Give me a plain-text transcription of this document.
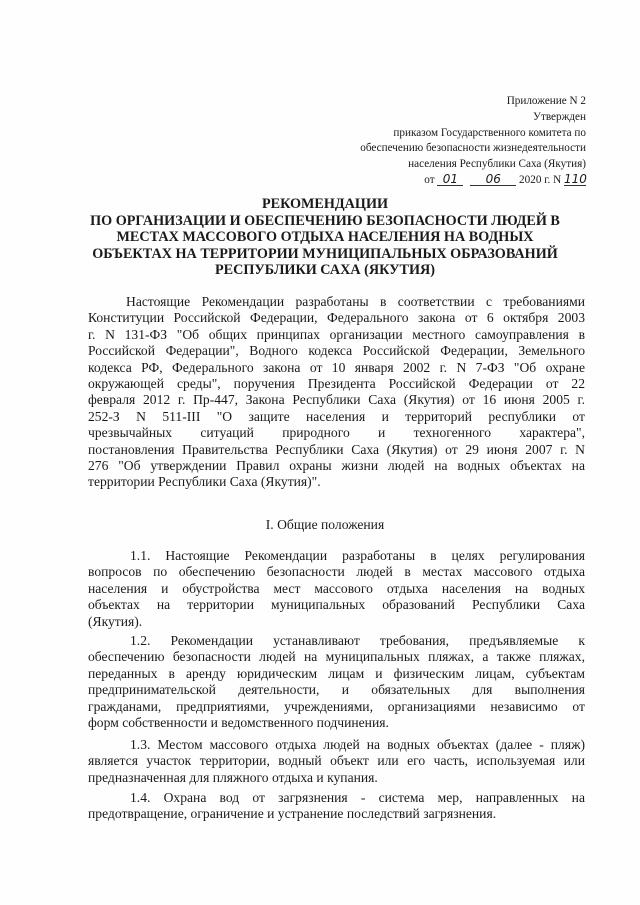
Приложение N 2
Утвержден
приказом Государственного комитета по
обеспечению безопасности жизнедеятельности
населения Республики Саха (Якутия)
от 01 06 2020 г. N 110
РЕКОМЕНДАЦИИ
ПО ОРГАНИЗАЦИИ И ОБЕСПЕЧЕНИЮ БЕЗОПАСНОСТИ ЛЮДЕЙ В
МЕСТАХ МАССОВОГО ОТДЫХА НАСЕЛЕНИЯ НА ВОДНЫХ
ОБЪЕКТАХ НА ТЕРРИТОРИИ МУНИЦИПАЛЬНЫХ ОБРАЗОВАНИЙ
РЕСПУБЛИКИ САХА (ЯКУТИЯ)
Настоящие Рекомендации разработаны в соответствии с требованиями
Конституции Российской Федерации, Федерального закона от 6 октября 2003
г. N 131-ФЗ "Об общих принципах организации местного самоуправления в
Российской Федерации", Водного кодекса Российской Федерации, Земельного
кодекса РФ, Федерального закона от 10 января 2002 г. N 7-ФЗ "Об охране
окружающей среды", поручения Президента Российской Федерации от 22
февраля 2012 г. Пр-447, Закона Республики Саха (Якутия) от 16 июня 2005 г.
252-З N 511-III "О защите населения и территорий республики от
чрезвычайных ситуаций природного и техногенного характера",
постановления Правительства Республики Саха (Якутия) от 29 июня 2007 г. N
276 "Об утверждении Правил охраны жизни людей на водных объектах на
территории Республики Саха (Якутия)".
I. Общие положения
1.1. Настоящие Рекомендации разработаны в целях регулирования
вопросов по обеспечению безопасности людей в местах массового отдыха
населения и обустройства мест массового отдыха населения на водных
объектах на территории муниципальных образований Республики Саха
(Якутия).
1.2. Рекомендации устанавливают требования, предъявляемые к
обеспечению безопасности людей на муниципальных пляжах, а также пляжах,
переданных в аренду юридическим лицам и физическим лицам, субъектам
предпринимательской деятельности, и обязательных для выполнения
гражданами, предприятиями, учреждениями, организациями независимо от
форм собственности и ведомственного подчинения.
1.3. Местом массового отдыха людей на водных объектах (далее - пляж)
является участок территории, водный объект или его часть, используемая или
предназначенная для пляжного отдыха и купания.
1.4. Охрана вод от загрязнения - система мер, направленных на
предотвращение, ограничение и устранение последствий загрязнения.
